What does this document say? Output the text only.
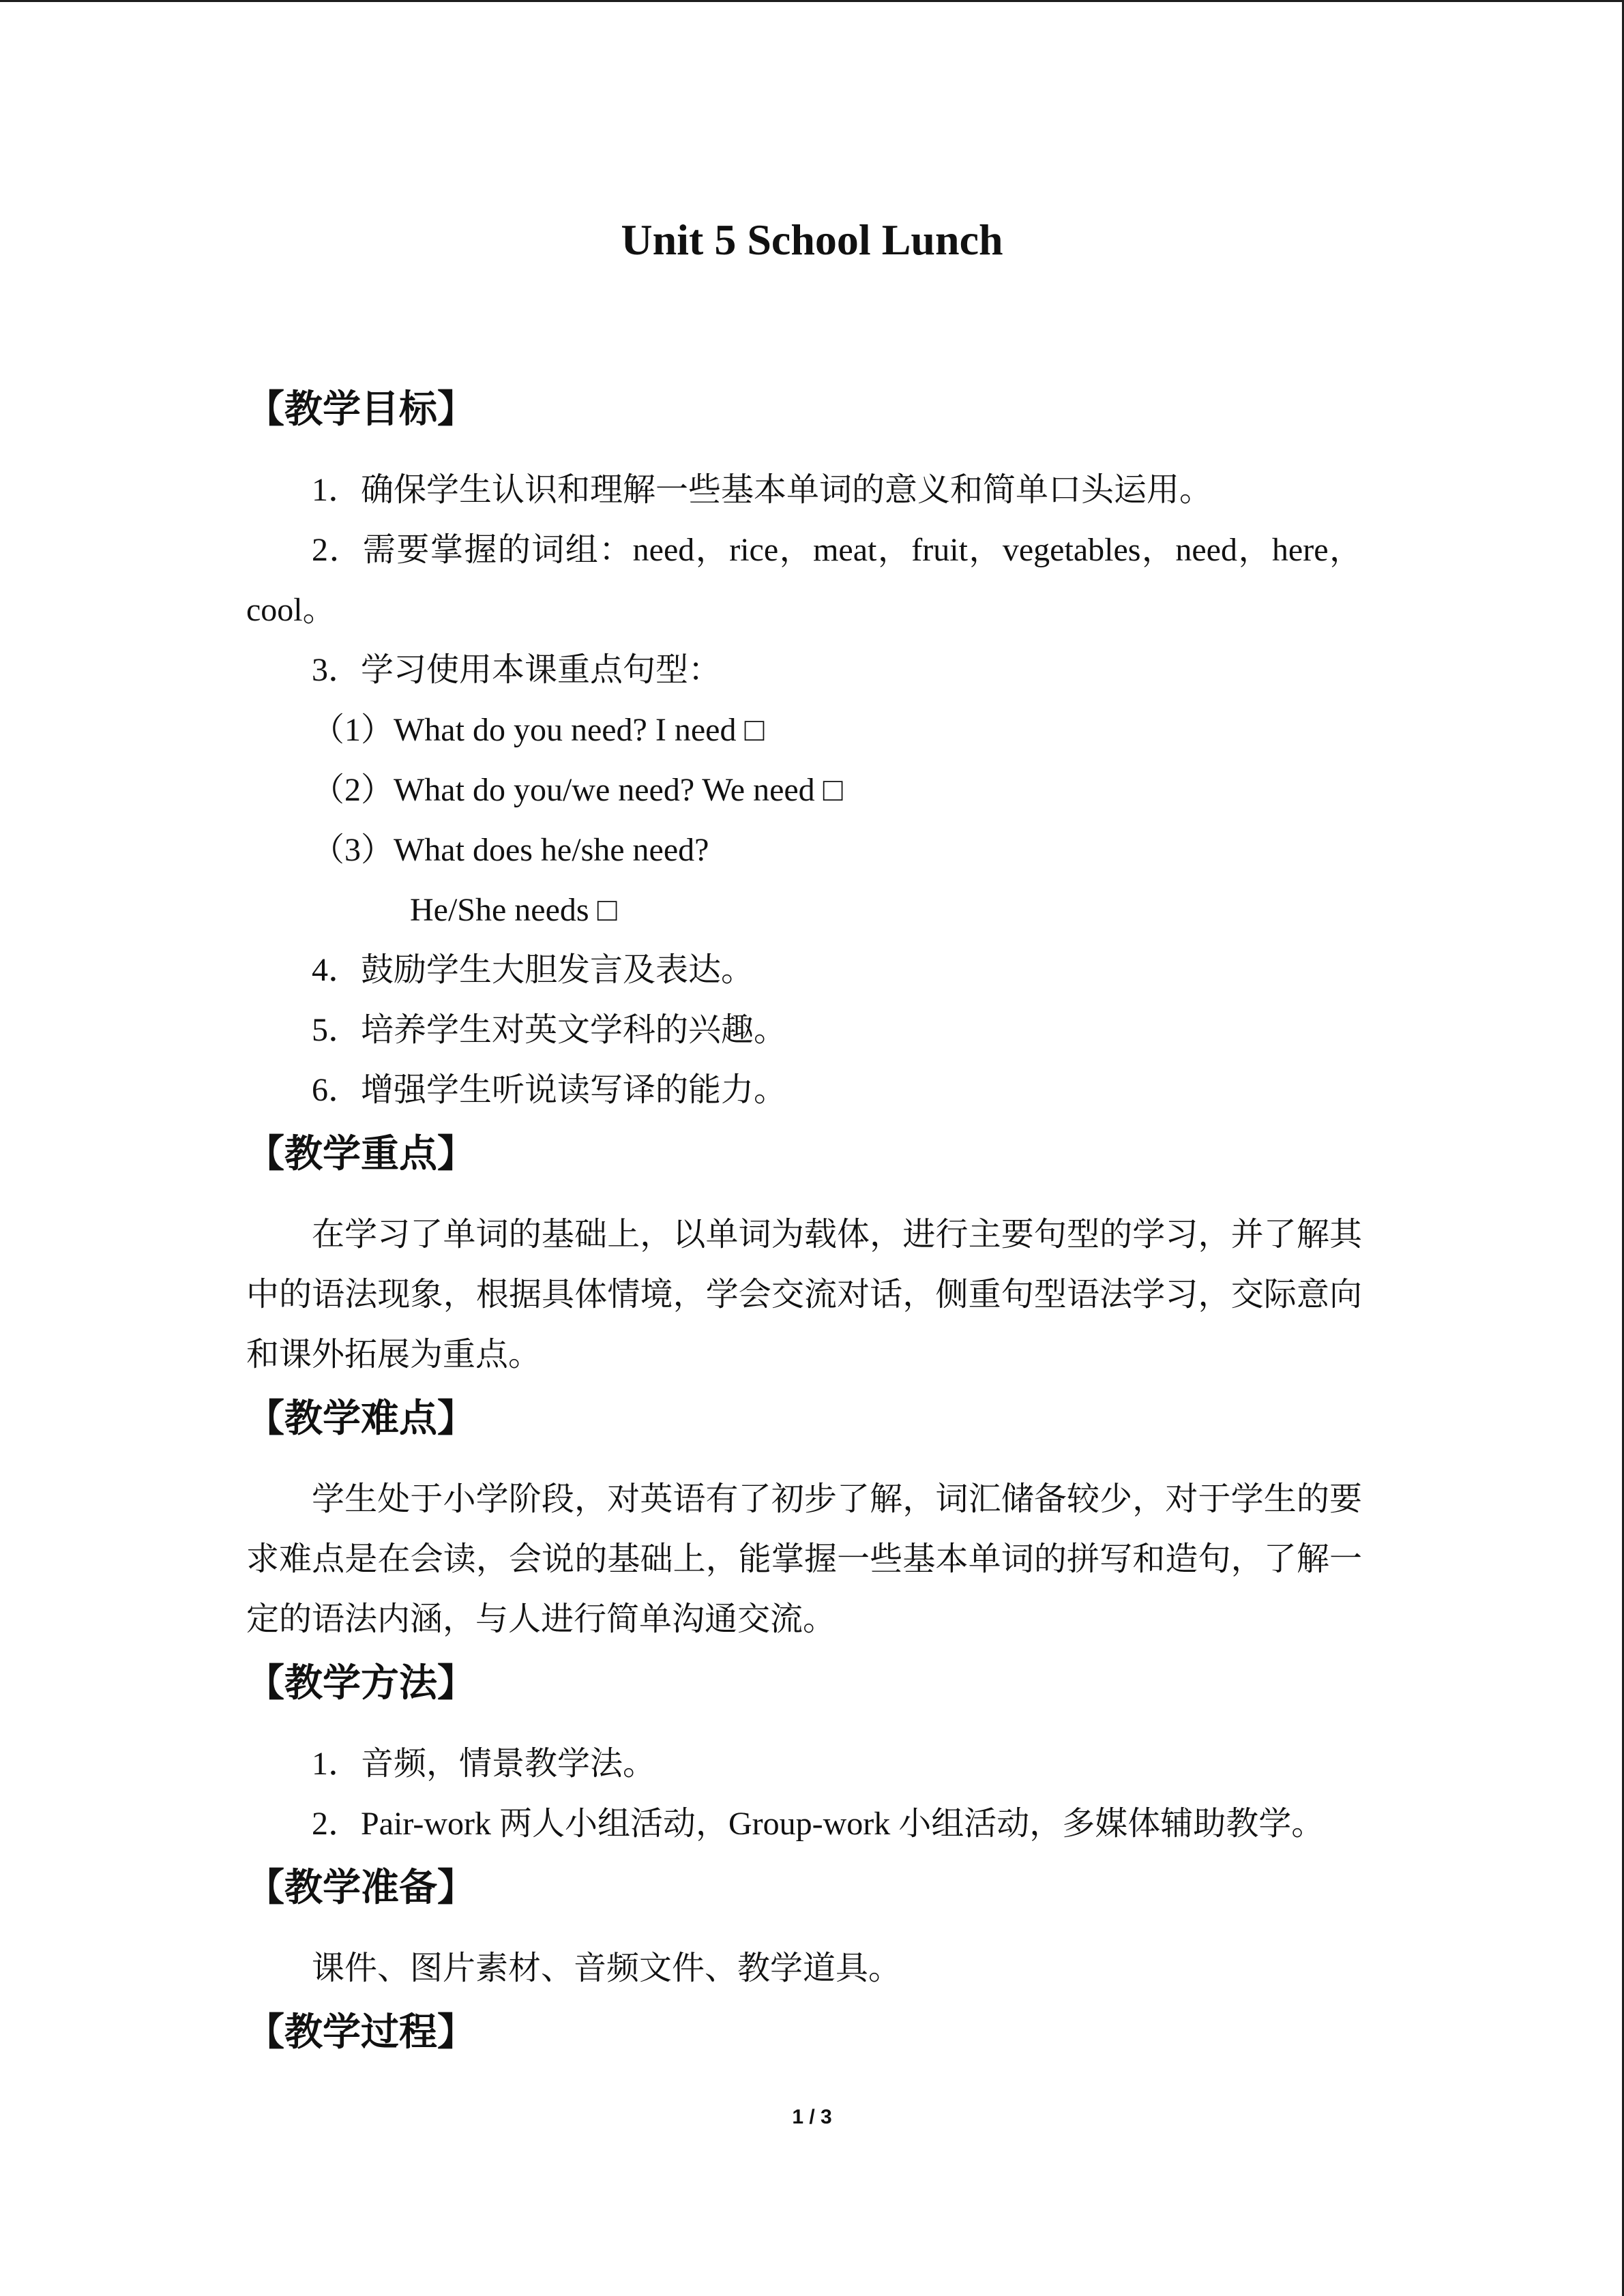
Unit 5 School Lunch
【教学目标】
1．确保学生认识和理解一些基本单词的意义和简单口头运用。
2．需要掌握的词组：need，rice，meat，fruit，vegetables，need，here，
cool。
3．学习使用本课重点句型：
（1）What do you need? I need □
（2）What do you/we need? We need □
（3）What does he/she need?
He/She needs □
4．鼓励学生大胆发言及表达。
5．培养学生对英文学科的兴趣。
6．增强学生听说读写译的能力。
【教学重点】
在学习了单词的基础上，以单词为载体，进行主要句型的学习，并了解其
中的语法现象，根据具体情境，学会交流对话，侧重句型语法学习，交际意向
和课外拓展为重点。
【教学难点】
学生处于小学阶段，对英语有了初步了解，词汇储备较少，对于学生的要
求难点是在会读，会说的基础上，能掌握一些基本单词的拼写和造句，了解一
定的语法内涵，与人进行简单沟通交流。
【教学方法】
1．音频，情景教学法。
2．Pair-work 两人小组活动，Group-work 小组活动，多媒体辅助教学。
【教学准备】
课件、图片素材、音频文件、教学道具。
【教学过程】
1 / 3
